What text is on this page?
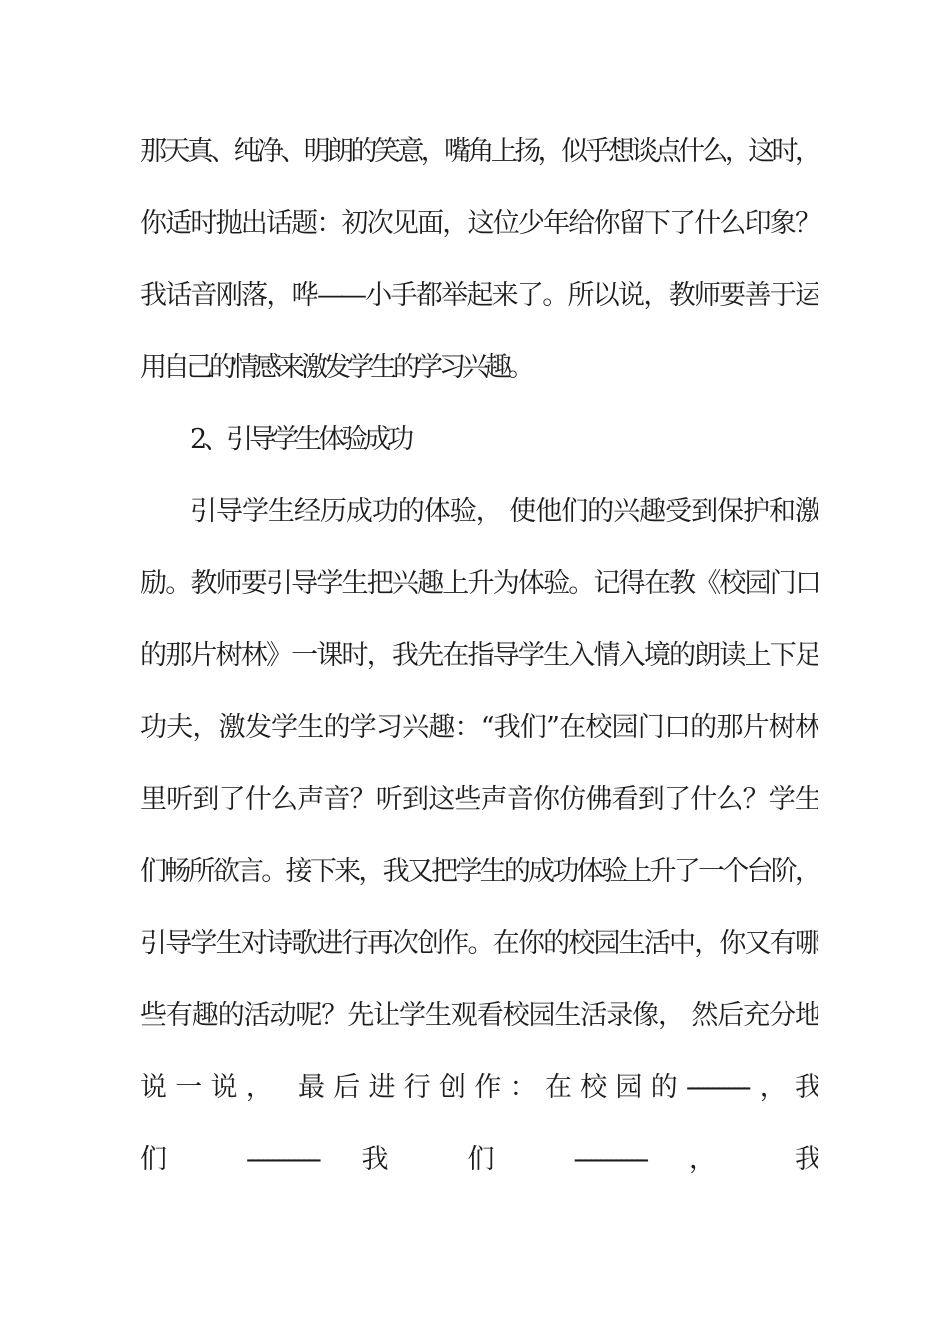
那天真、纯净、明朗的笑意，嘴角上扬，似乎想谈点什么，这时，
你适时抛出话题：初次见面，这位少年给你留下了什么印象？
我话音刚落，哗——小手都举起来了。所以说，教师要善于运
用自己的情感来激发学生的学习兴趣。
2、引导学生体验成功
引导学生经历成功的体验， 使他们的兴趣受到保护和激
励。教师要引导学生把兴趣上升为体验。记得在教《校园门口
的那片树林》一课时，我先在指导学生入情入境的朗读上下足
功夫，激发学生的学习兴趣：“我们”在校园门口的那片树林
里听到了什么声音？听到这些声音你仿佛看到了什么？学生
们畅所欲言。接下来，我又把学生的成功体验上升了一个台阶，
引导学生对诗歌进行再次创作。在你的校园生活中，你又有哪
些有趣的活动呢？先让学生观看校园生活录像， 然后充分地
说一说， 最后进行创作：在校园的------------，我
们 -------------- 我 们 -------------- ， 我
